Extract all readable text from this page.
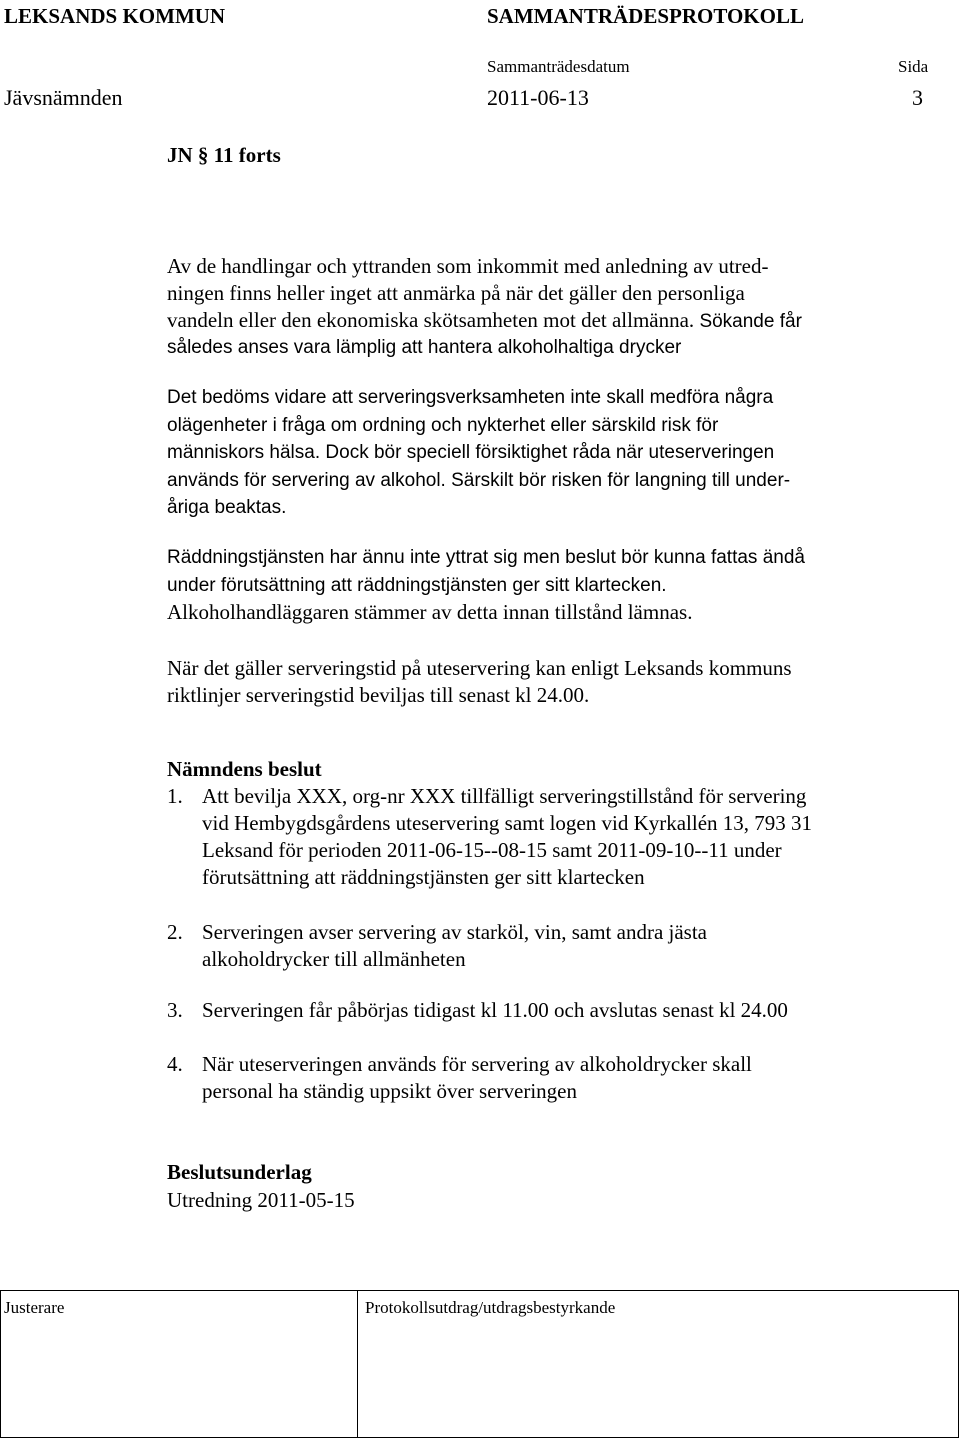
LEKSANDS KOMMUN	SAMMANTRÄDESPROTOKOLL
Sammanträdesdatum	Sida
Jävsnämnden	2011-06-13	3
JN § 11 forts
Av de handlingar och yttranden som inkommit med anledning av utred-
ningen finns heller inget att anmärka på när det gäller den personliga
vandeln eller den ekonomiska skötsamheten mot det allmänna. Sökande får
således anses vara lämplig att hantera alkoholhaltiga drycker
Det bedöms vidare att serveringsverksamheten inte skall medföra några
olägenheter i fråga om ordning och nykterhet eller särskild risk för
människors hälsa. Dock bör speciell försiktighet råda när uteserveringen
används för servering av alkohol. Särskilt bör risken för langning till under-
åriga beaktas.
Räddningstjänsten har ännu inte yttrat sig men beslut bör kunna fattas ändå
under förutsättning att räddningstjänsten ger sitt klartecken.
Alkoholhandläggaren stämmer av detta innan tillstånd lämnas.
När det gäller serveringstid på uteservering kan enligt Leksands kommuns
riktlinjer serveringstid beviljas till senast kl 24.00.
Nämndens beslut
1. Att bevilja XXX, org-nr XXX tillfälligt serveringstillstånd för servering
vid Hembygdsgårdens uteservering samt logen vid Kyrkallén 13, 793 31
Leksand för perioden 2011-06-15--08-15 samt 2011-09-10--11 under
förutsättning att räddningstjänsten ger sitt klartecken
2. Serveringen avser servering av starköl, vin, samt andra jästa
alkoholdrycker till allmänheten
3. Serveringen får påbörjas tidigast kl 11.00 och avslutas senast kl 24.00
4. När uteserveringen används för servering av alkoholdrycker skall
personal ha ständig uppsikt över serveringen
Beslutsunderlag
Utredning 2011-05-15
Justerare	Protokollsutdrag/utdragsbestyrkande
